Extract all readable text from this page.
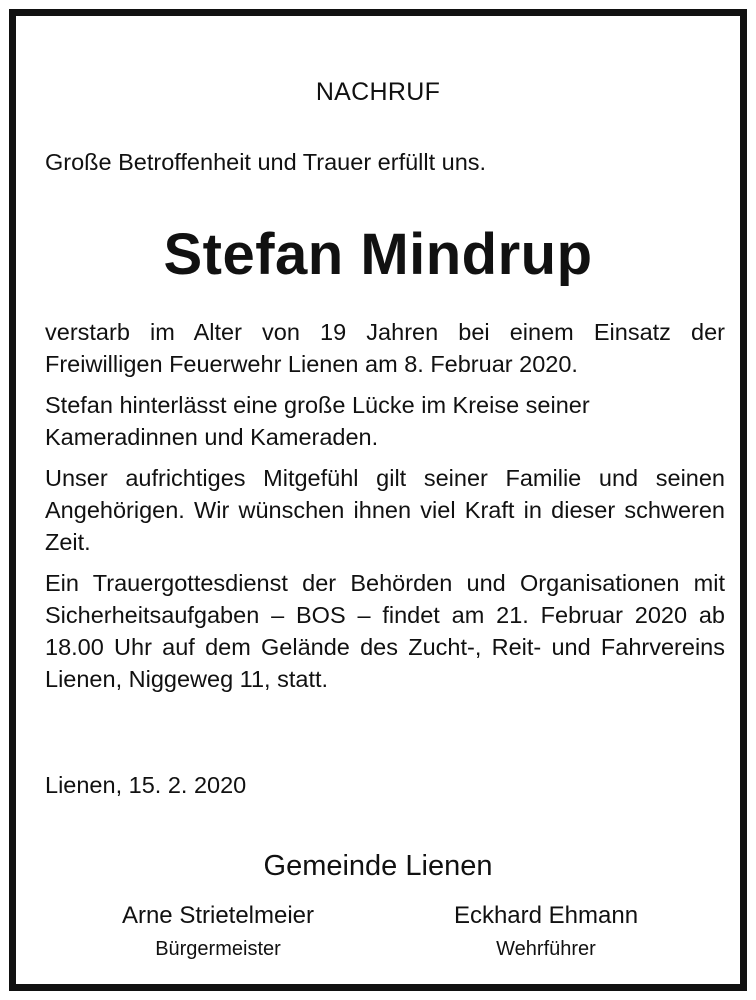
NACHRUF
Große Betroffenheit und Trauer erfüllt uns.
Stefan Mindrup

verstarb im Alter von 19 Jahren bei einem Einsatz der Freiwilligen Feuerwehr Lienen am 8. Februar 2020.

Stefan hinterlässt eine große Lücke im Kreise seiner Kameradinnen und Kameraden.

Unser aufrichtiges Mitgefühl gilt seiner Familie und seinen Angehörigen. Wir wünschen ihnen viel Kraft in dieser schweren Zeit.

Ein Trauergottesdienst der Behörden und Organisationen mit Sicherheitsaufgaben – BOS – findet am 21. Februar 2020 ab 18.00 Uhr auf dem Gelände des Zucht-, Reit- und Fahrvereins Lienen, Niggeweg 11, statt.

Lienen, 15. 2. 2020
Gemeinde Lienen
Arne Strietelmeier
Bürgermeister
Eckhard Ehmann
Wehrführer
